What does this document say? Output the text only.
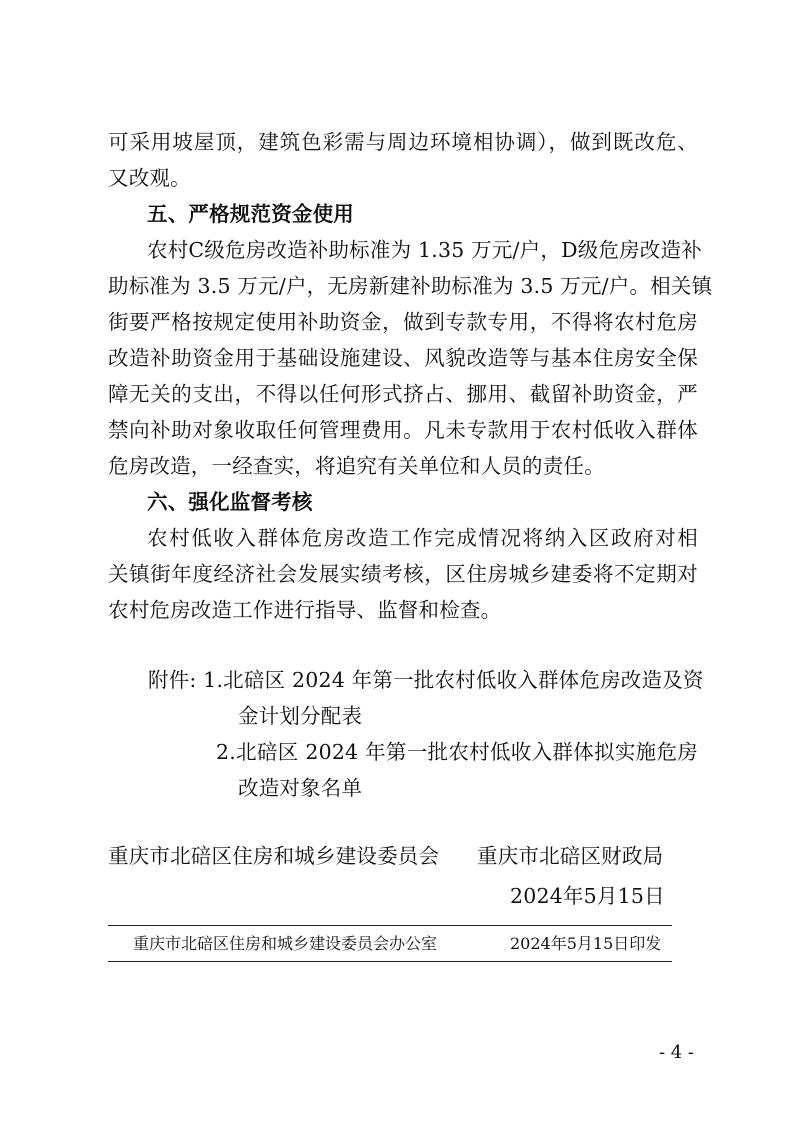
可采用坡屋顶，建筑色彩需与周边环境相协调），做到既改危、
又改观。
五、严格规范资金使用
农村C级危房改造补助标准为 1.35 万元/户，D级危房改造补
助标准为 3.5 万元/户，无房新建补助标准为 3.5 万元/户。相关镇
街要严格按规定使用补助资金，做到专款专用，不得将农村危房
改造补助资金用于基础设施建设、风貌改造等与基本住房安全保
障无关的支出，不得以任何形式挤占、挪用、截留补助资金，严
禁向补助对象收取任何管理费用。凡未专款用于农村低收入群体
危房改造，一经查实，将追究有关单位和人员的责任。
六、强化监督考核
农村低收入群体危房改造工作完成情况将纳入区政府对相
关镇街年度经济社会发展实绩考核，区住房城乡建委将不定期对
农村危房改造工作进行指导、监督和检查。
附件: 1.北碚区 2024 年第一批农村低收入群体危房改造及资
金计划分配表
2.北碚区 2024 年第一批农村低收入群体拟实施危房
改造对象名单
重庆市北碚区住房和城乡建设委员会 重庆市北碚区财政局
2024年5月15日
重庆市北碚区住房和城乡建设委员会办公室	2024年5月15日印发
- 4 -
